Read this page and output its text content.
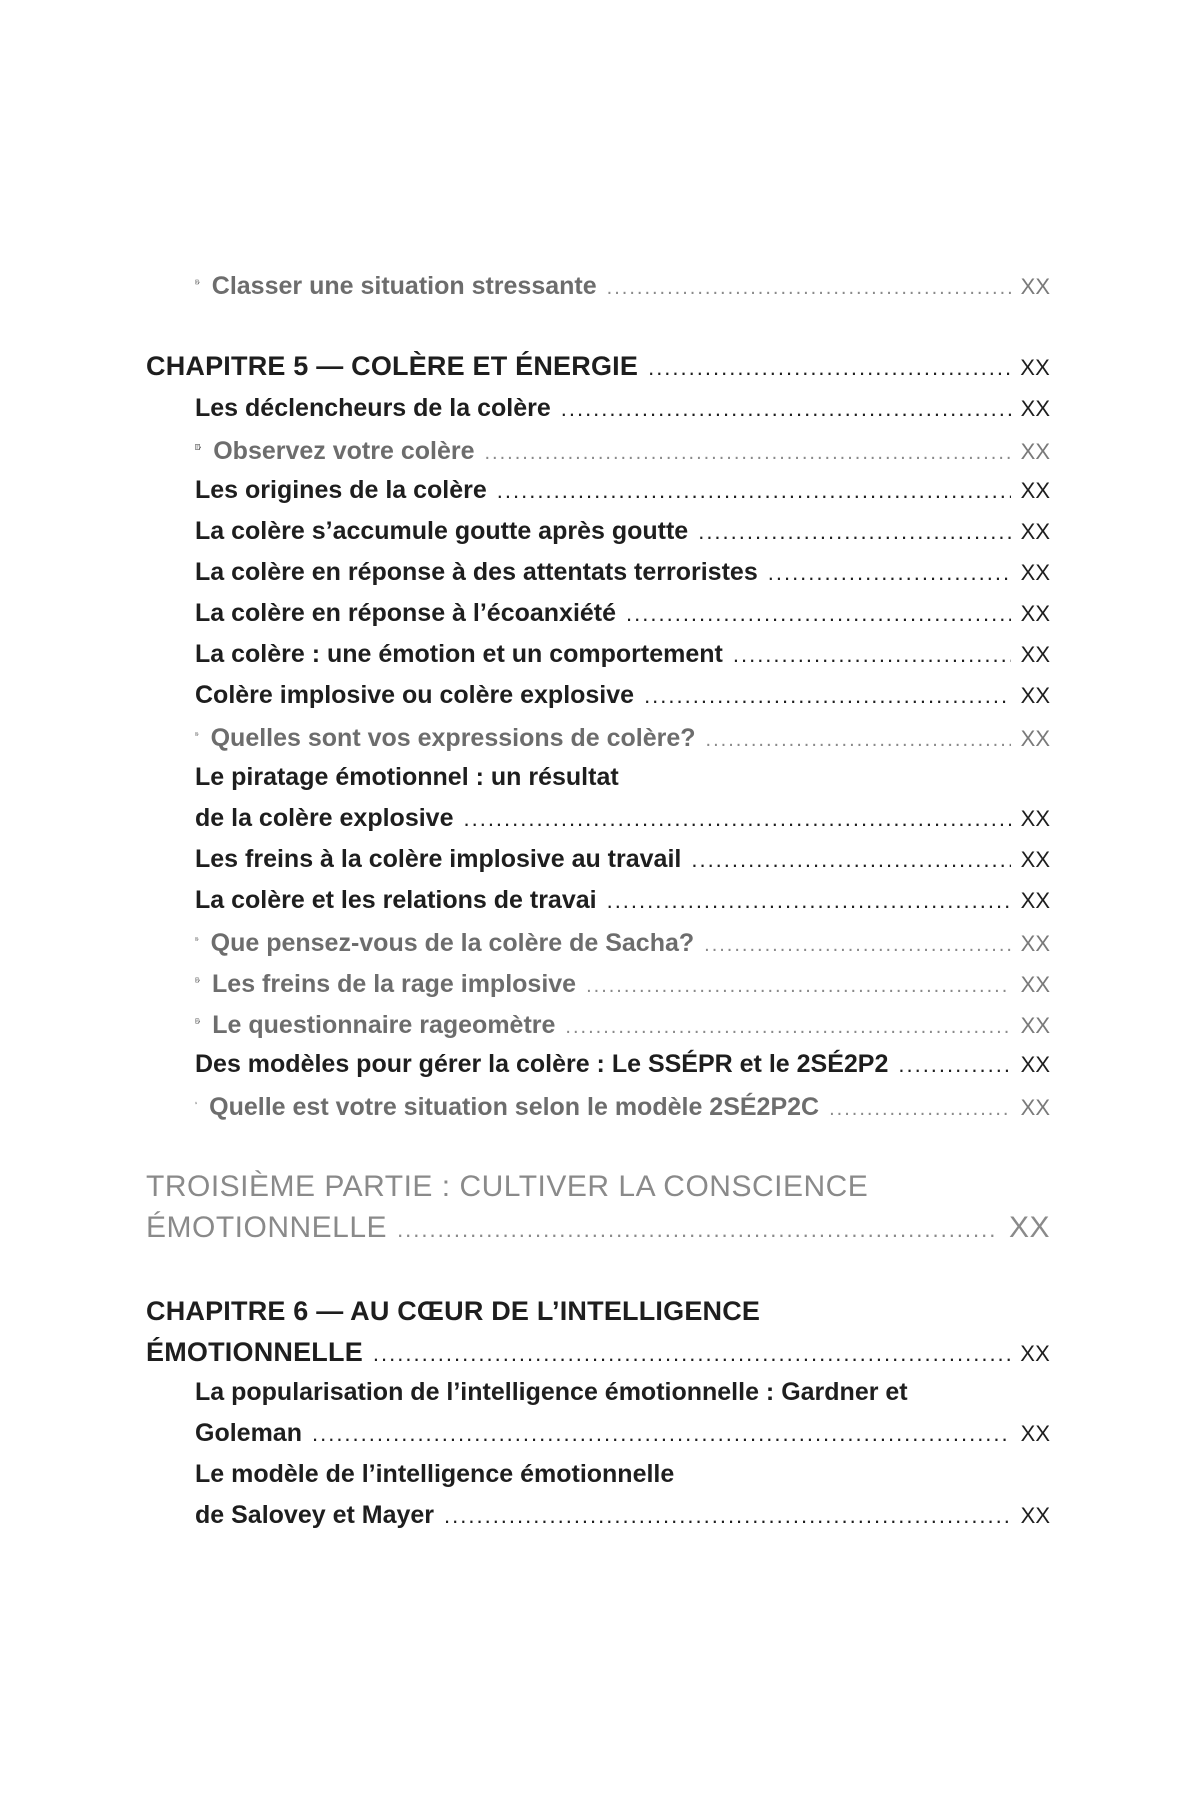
Classer une situation stressante .....	XX
CHAPITRE 5 — COLÈRE ET ÉNERGIE .....	XX
Les déclencheurs de la colère .....	XX
Observez votre colère .....	XX
Les origines de la colère .....	XX
La colère s’accumule goutte après goutte .....	XX
La colère en réponse à des attentats terroristes .....	XX
La colère en réponse à l’écoanxiété .....	XX
La colère : une émotion et un comportement .....	XX
Colère implosive ou colère explosive .....	XX
Quelles sont vos expressions de colère? .....	XX
Le piratage émotionnel : un résultat
de la colère explosive .....	XX
Les freins à la colère implosive au travail .....	XX
La colère et les relations de travai .....	XX
Que pensez-vous de la colère de Sacha? .....	XX
Les freins de la rage implosive .....	XX
Le questionnaire rageomètre .....	XX
Des modèles pour gérer la colère : Le SSÉPR et le 2SÉ2P2 .....	XX
Quelle est votre situation selon le modèle 2SÉ2P2C .....	XX
TROISIÈME PARTIE : CULTIVER LA CONSCIENCE
ÉMOTIONNELLE .....	XX
CHAPITRE 6 — AU CŒUR DE L’INTELLIGENCE
ÉMOTIONNELLE .....	XX
La popularisation de l’intelligence émotionnelle : Gardner et
Goleman .....	XX
Le modèle de l’intelligence émotionnelle
de Salovey et Mayer .....	XX
